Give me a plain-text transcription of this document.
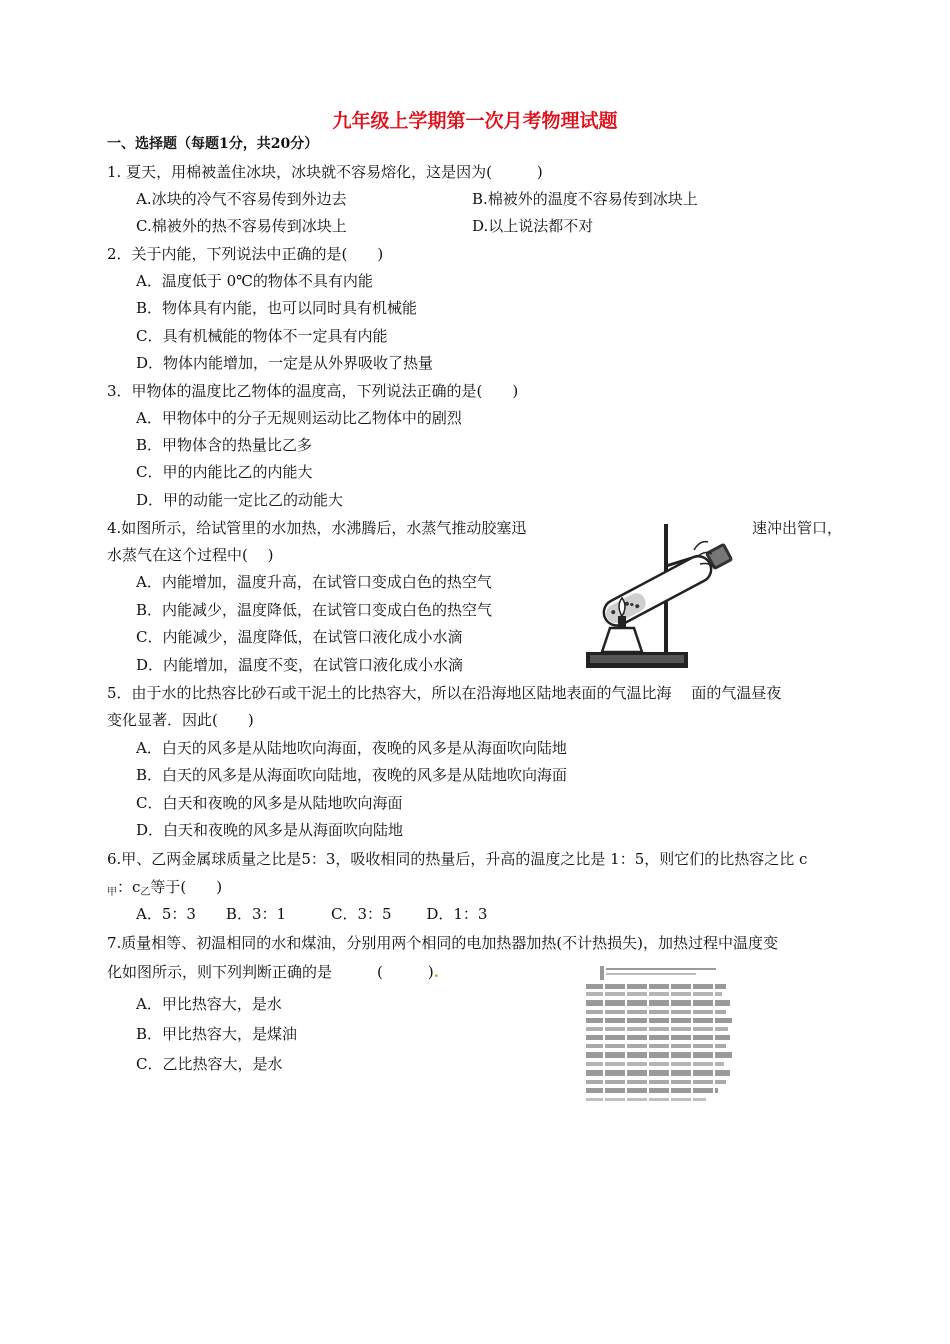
九年级上学期第一次月考物理试题
一、选择题（每题1分，共20分）
1. 夏天，用棉被盖住冰块，冰块就不容易熔化，这是因为(　　　)
A.冰块的冷气不容易传到外边去	B.棉被外的温度不容易传到冰块上
C.棉被外的热不容易传到冰块上	D.以上说法都不对
2．关于内能，下列说法中正确的是(　　)
A．温度低于 0℃的物体不具有内能
B．物体具有内能，也可以同时具有机械能
C．具有机械能的物体不一定具有内能
D．物体内能增加，一定是从外界吸收了热量
3．甲物体的温度比乙物体的温度高，下列说法正确的是(　　)
A．甲物体中的分子无规则运动比乙物体中的剧烈
B．甲物体含的热量比乙多
C．甲的内能比乙的内能大
D．甲的动能一定比乙的动能大
4.如图所示，给试管里的水加热，水沸腾后，水蒸气推动胶塞迅	速冲出管口，
水蒸气在这个过程中(　 )
A．内能增加，温度升高，在试管口变成白色的热空气
B．内能减少，温度降低，在试管口变成白色的热空气
C．内能减少，温度降低，在试管口液化成小水滴
D．内能增加，温度不变，在试管口液化成小水滴
5．由于水的比热容比砂石或干泥土的比热容大，所以在沿海地区陆地表面的气温比海　 面的气温昼夜
变化显著．因此(　　)
A．白天的风多是从陆地吹向海面，夜晚的风多是从海面吹向陆地
B．白天的风多是从海面吹向陆地，夜晚的风多是从陆地吹向海面
C．白天和夜晚的风多是从陆地吹向海面
D．白天和夜晚的风多是从海面吹向陆地
6.甲、乙两金属球质量之比是5：3，吸收相同的热量后，升高的温度之比是 1：5，则它们的比热容之比 c
$_甲$：$c_乙$等于(　　)
A．5：3　　B．3：1　　　C．3：5　　 D．1：3
7.质量相等、初温相同的水和煤油，分别用两个相同的电加热器加热(不计热损失)，加热过程中温度变
化如图所示，则下列判断正确的是　　　(　　　).
A．甲比热容大，是水
B．甲比热容大，是煤油
C．乙比热容大，是水
